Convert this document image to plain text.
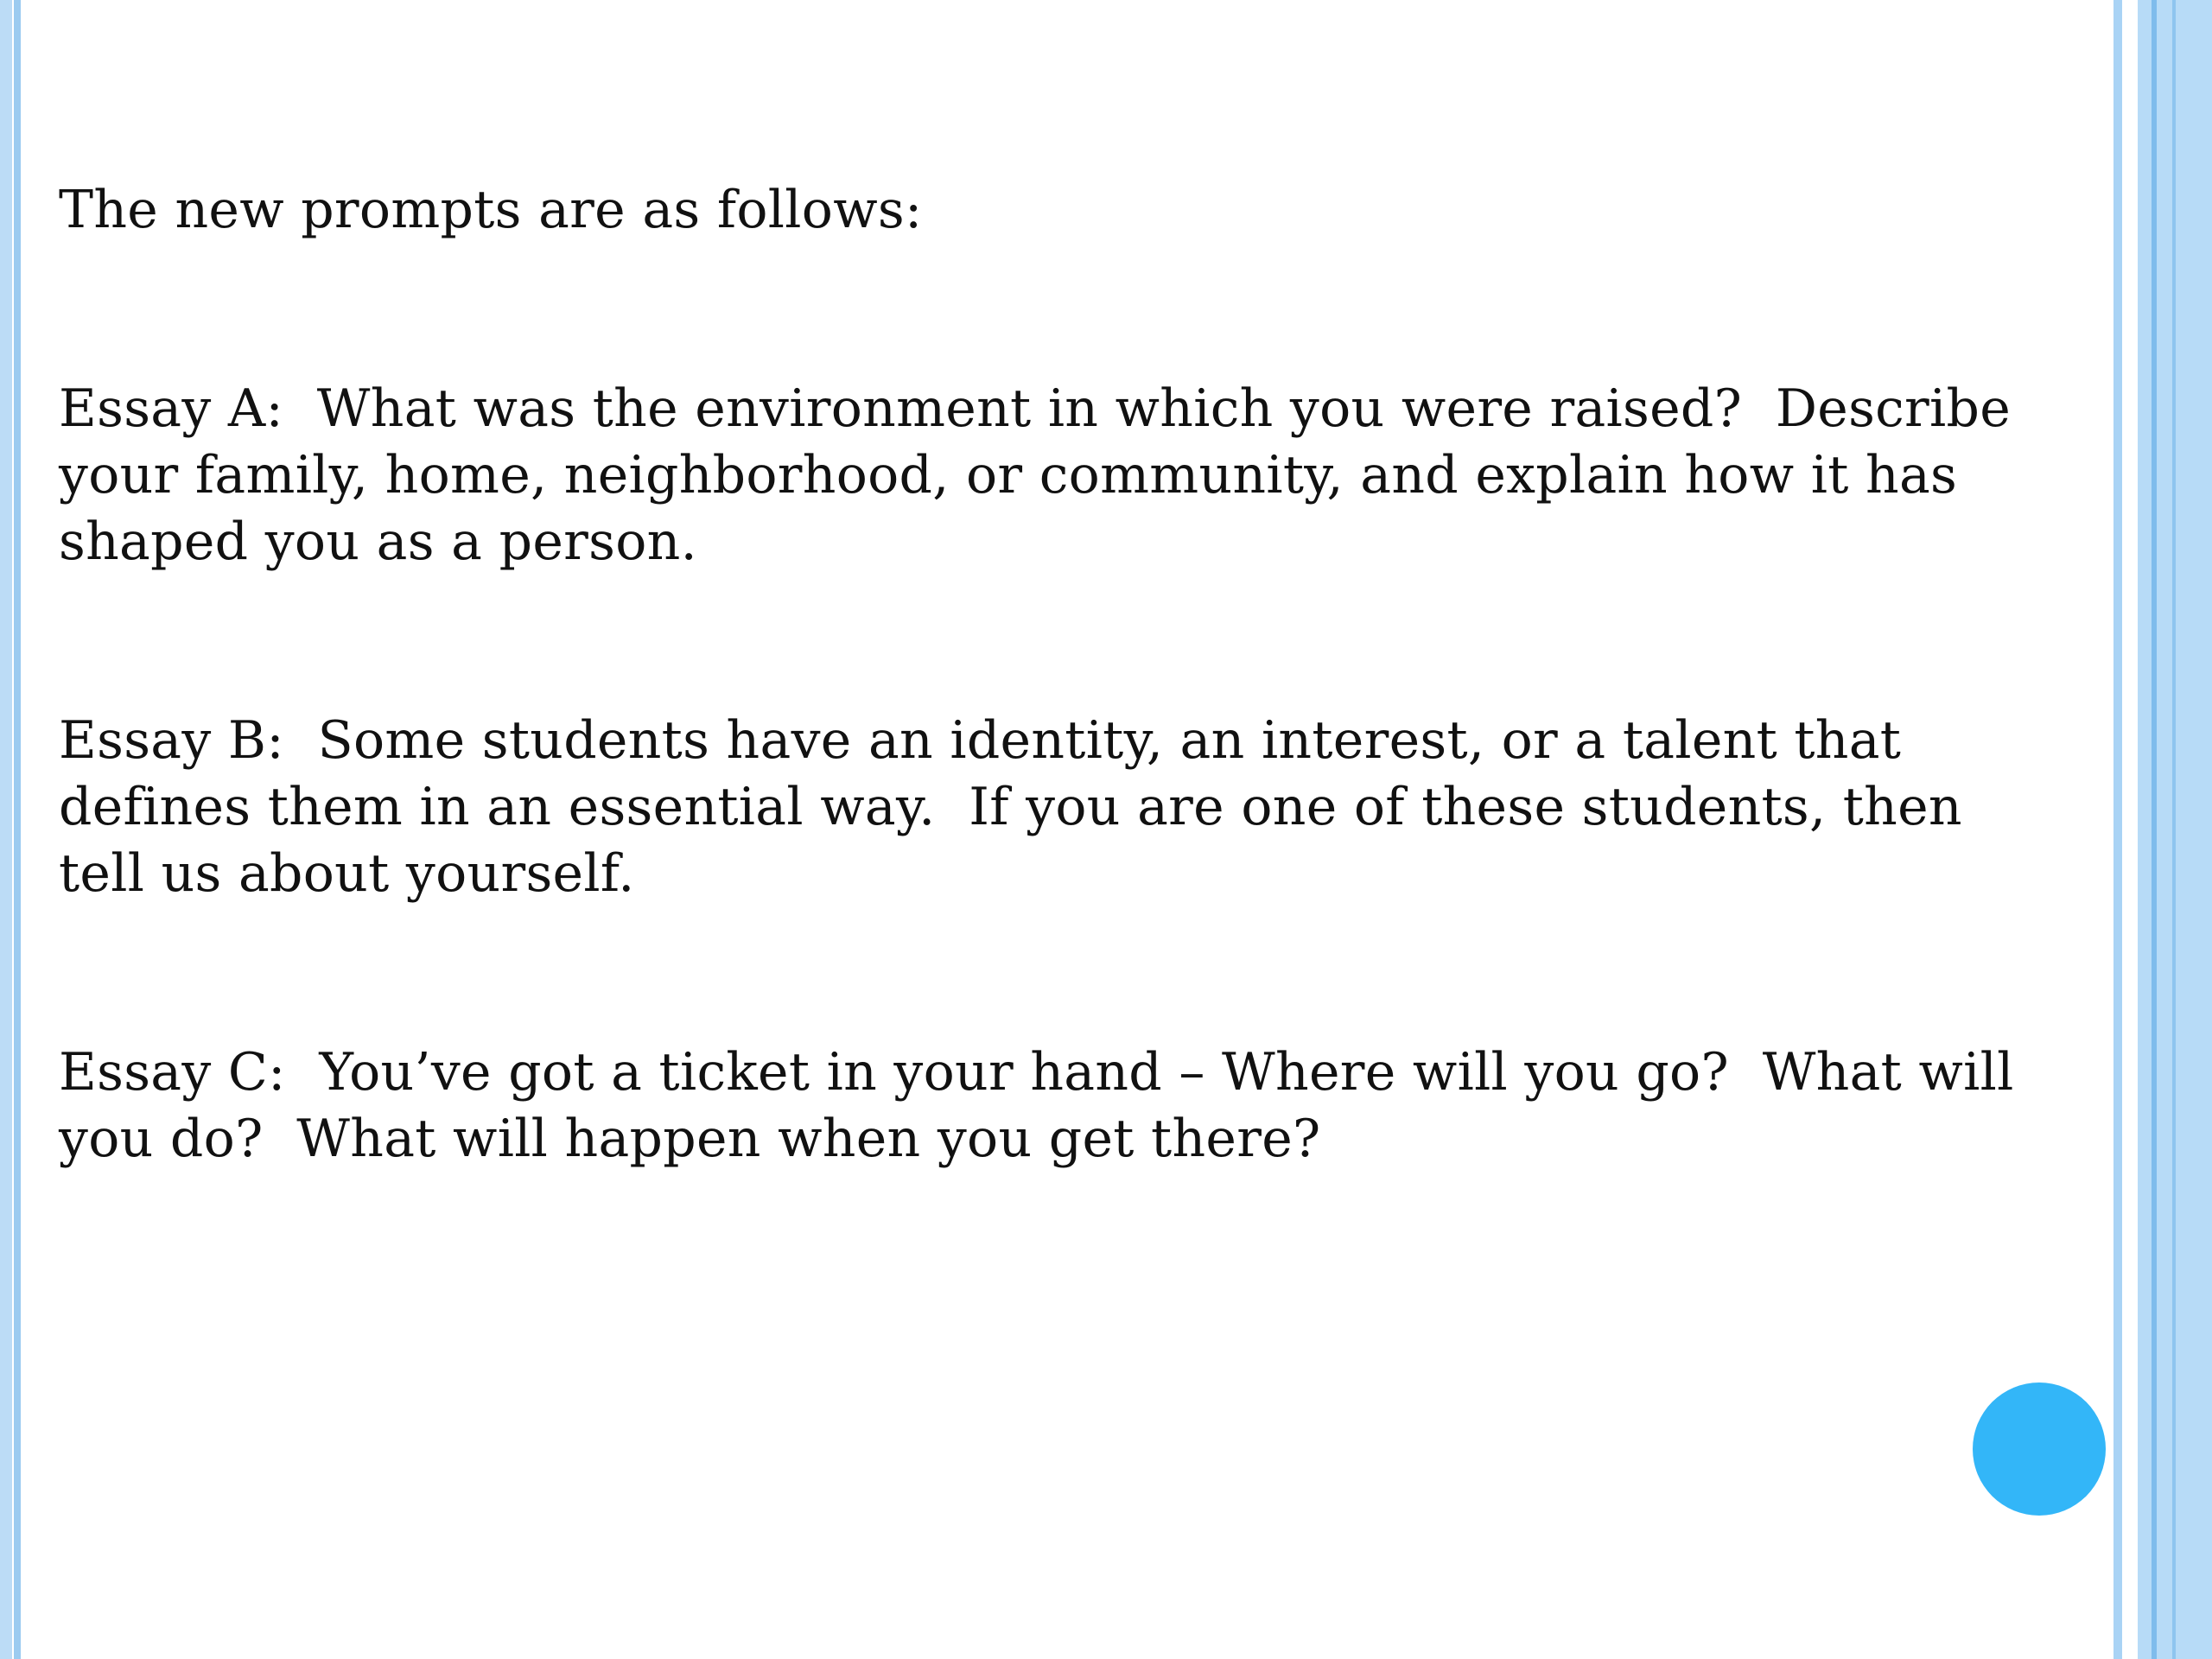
The new prompts are as follows:

Essay A:  What was the environment in which you were raised?  Describe your family, home, neighborhood, or community, and explain how it has shaped you as a person.

Essay B:  Some students have an identity, an interest, or a talent that defines them in an essential way.  If you are one of these students, then tell us about yourself.

Essay C:  You’ve got a ticket in your hand – Where will you go?  What will you do?  What will happen when you get there?
